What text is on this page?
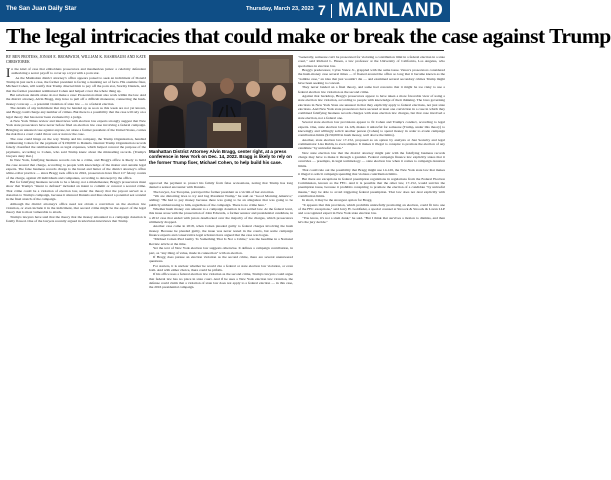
The San Juan Daily Star	Thursday, March 23, 2023 7 MAINLAND
The legal intricacies that could make or break the case against Trump
BY BEN PROTESS, JONAH E. BROMWICH, WILLIAM K. RASHBAUM AND KATE CHRISTOBEK

In the kind of case that emboldens prosecutors and mesmerizes juries: a celebrity defendant authorizing a secret payoff to cover up a tryst with a porn star.

As the Manhattan district attorney's office appears poised to seek an indictment of Donald Trump in just such a case, the former president is facing a daunting set of facts. His onetime fixer, Michael Cohen, will testify that Trump directed him to pay off the porn star, Stormy Daniels, and that the former president reimbursed Cohen and helped cover the whole thing up.

But salacious details alone do not make a case: Prosecutors must also work within the law. And the district attorney, Alvin Bragg, may have to pull off a difficult maneuver, connecting the hush-money cover-up — a potential violation of state law — to a federal election.

The details of any indictment that may be handed up as soon as this week are not yet known, and Bragg could charge any number of crimes. But there is a possibility that the case will rely on a legal theory that has never been evaluated by a judge.

A New York Times review and interviews with election law experts strongly suggest that New York state prosecutors have never before filed an election law case involving a federal campaign. Bringing an untested case against anyone, let alone a former president of the United States, carries the risk that a court could throw out or narrow the case.

The case could hinge on the way Trump and his company, the Trump Organization, handled reimbursing Cohen for the payment of $130,000 to Daniels. Internal Trump Organization records falsely classified the reimbursements as legal expenses, which helped conceal the purpose of the payments, according to Cohen, who said Trump knew about the misleading records. (Trump's lawyers deny that.)

In New York, falsifying business records can be a crime, and Bragg's office is likely to build the case around that charge, according to people with knowledge of the matter and outside legal experts. The false business records charge is the bread and butter of the district attorney's office white-collar practice — since Bragg took office in 2022, prosecutors have filed 117 felony counts of the charge, against 29 individuals and companies, according to data kept by the office.

But for falsifying business records to be a felony, not a misdemeanor, Bragg's prosecutors must show that Trump's "intent to defraud" included an intent to commit or conceal a second crime. That crime could be a violation of election law, under the theory that the payout served as a donation to Trump's campaign, because it silenced Daniels and thus shored a potential sex scandal in the final stretch of the campaign.

Although the district attorney's office need not obtain a conviction on the election law violation, or even include it in the indictment, that second crime might be the aspect of the legal theory that is most vulnerable to attack.

Trump's lawyers have said that the theory that the money amounted to a campaign donation is fatally flawed. One of the lawyers recently argued in television interviews that Trump

Manhattan District Attorney Alvin Bragg, center right, at a press conference in New York on Dec. 14, 2022. Bragg is likely to rely on the former Trump fixer, Michael Cohen, to help build his case.

approved the payment to protect his family from false accusations, noting that Trump has long denied a sexual encounter with Daniels.

The lawyer, Joe Tacopina, portrayed the former president as a victim of her extortion.

"We are distorting laws to try and bag President Trump," he said on "Good Morning America," adding: "He had to pay money because there was going to be an allegation that was going to be publicly embarrassing to him, regardless of the campaign. There is no crime here."

Whether hush money can amount to a campaign donation is not settled law. At the federal level, this issue arose with the prosecution of John Edwards, a former senator and presidential candidate, in a 2012 case that ended with jurors deadlocked over the majority of the charges, which prosecutors ultimately dropped.

Another case came in 2018, when Cohen pleaded guilty to federal charges involving the hush money. Because he pleaded guilty, the issue was never tested in the courts, but some campaign finance experts and conservative legal scholars have argued that the case was bogus.

"Michael Cohen Pled Guilty To Something That Is Not a Crime," was the headline in a National Review article at the time.

Yet the text of New York election law suggests otherwise. It defines a campaign contribution, in part, as "any thing of value, made in connection" with an election.

If Bragg does pursue an election violation as the second crime, there are several unanswered questions.

For starters, it is unclear whether he would cite a federal or state election law violation, or even both. And with either choice, there could be pitfalls.

If his office uses a federal election law violation as the second crime, Trump's lawyers could argue that federal law has no place in state court. And if he uses a New York election law violation, the defense could claim that a violation of state law does not apply to a federal election — in this case, the 2016 presidential campaign.

"Generally, someone can't be prosecuted for violating a contribution limit in a federal election in a state court," said Richard L. Hasen, a law professor at the University of California, Los Angeles, who specializes in election law.

Bragg's predecessor, Cyrus Vance Jr., grappled with the same issue. Vance's prosecutors considered the hush-money case several times — if floated around the office so long that it became known as the "zombie case," an idea that just wouldn't die — and examined several secondary crimes Trump might have been seeking to conceal.

They never landed on a final theory, and some had concerns that it might be too risky to use a federal election law violation as the second crime.

Against that backdrop, Bragg's prosecutors appear to have taken a more favorable view of using a state election law violation, according to people with knowledge of their thinking. The laws governing elections in New York State are unusual in that they explicitly apply to federal elections, not just state elections. And New York state prosecutors have secured at least one conviction in a case in which they combined falsifying business records charges with state election law charges, but that case involved a state election, not a federal one.

Several state election law provisions appear to fit Cohen and Trump's conduct, according to legal experts. One, state election law 14-126, makes it unlawful for someone (Trump, under this theory) to knowingly and willingly solicit another person (Cohen) to spend money in order to evade campaign contribution limits ($130,000 in hush money, well above the limits).

Another, state election law 17-152, proposed as an option by analysts at Just Security and legal commentator Lisa Rubin, is even simpler. It makes it illegal to conspire to promote the election of any candidate "by unlawful means."

New state election law that the district attorney might pair with the falsifying business records charge may have to make it through a gauntlet. Federal campaign finance law explicitly states that it overrides — preempts, in legal terminology — state election law when it comes to campaign donation limits.

That could rule out the possibility that Bragg might use 14-126, the New York state law that makes it illegal to solicit campaign spending that violates contribution limits.

But there are exceptions in federal preemption regulations in regulations from the Federal Election Commission, known as the FEC. And it is possible that the other law, 17-152, would survive the preemption issue, because it prohibits conspiring to promote the election of a candidate "by unlawful means," may be able to avoid triggering federal preemption. That law does not deal explicitly with contribution limits.

In short, it may be the strongest option for Bragg.

"It appears that this provision, which prohibits unlawfully promoting an election, could fit into one of the FEC exceptions," said Jerry H. Goldfeder, a special counsel at Stroock & Stroock & Lavan LLP and a recognized expert in New York state election law.

"You know, it's not a slam dunk," he said. "But I think that survives a motion to dismiss, and then let's the jury decide."
